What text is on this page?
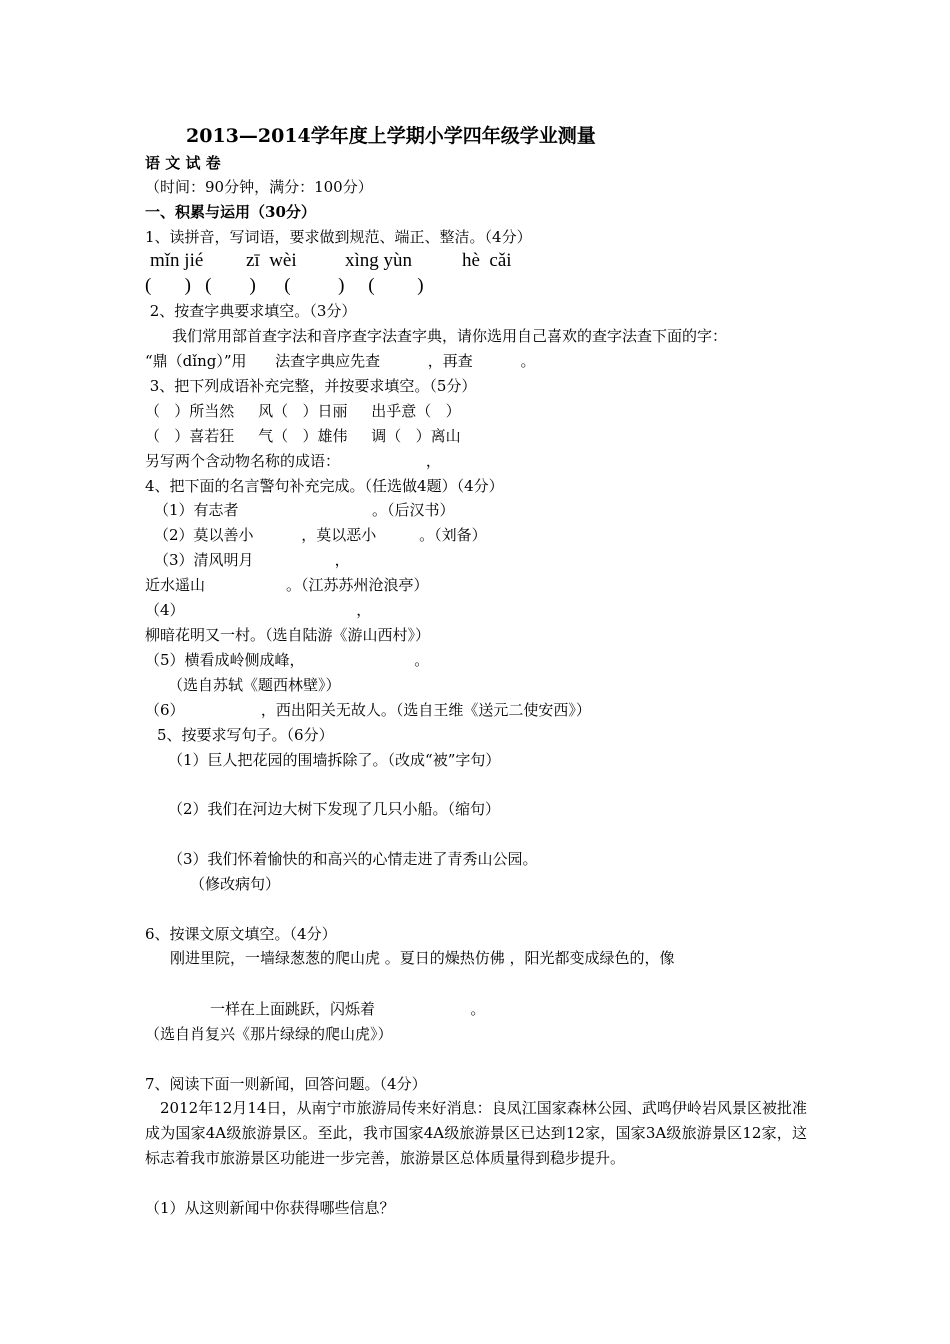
2013—2014学年度上学期小学四年级学业测量
语 文 试 卷
（时间：90分钟，满分：100分）
一、积累与运用（30分）
1、读拼音，写词语，要求做到规范、端正、整洁。（4分）
mǐn jié zī  wèi	xìng yùn	hè  cǎi
(       )   (        )      (          )     (         )
2、按查字典要求填空。（3分）
我们常用部首查字法和音序查字法查字典，请你选用自己喜欢的查字法查下面的字：
“鼎（dǐng）”用      法查字典应先查          ，再查          。
3、把下列成语补充完整，并按要求填空。（5分）
（   ）所当然     风（   ）日丽     出乎意（   ）
（   ）喜若狂     气（   ）雄伟     调（   ）离山
另写两个含动物名称的成语：                  ，
4、把下面的名言警句补充完成。（任选做4题）（4分）
（1）有志者                            。（后汉书）
（2）莫以善小          ，莫以恶小         。（刘备）
（3）清风明月                 ，
近水遥山                 。（江苏苏州沧浪亭）
（4）                                    ，
柳暗花明又一村。（选自陆游《游山西村》）
（5）横看成岭侧成峰，                       。
（选自苏轼《题西林壁》）
（6）                ，西出阳关无故人。（选自王维《送元二使安西》）
5、按要求写句子。（6分）
（1）巨人把花园的围墙拆除了。（改成“被”字句）
（2）我们在河边大树下发现了几只小船。（缩句）
（3）我们怀着愉快的和高兴的心情走进了青秀山公园。
（修改病句）
6、按课文原文填空。（4分）
刚进里院，一墙绿葱葱的爬山虎 。夏日的燥热仿佛 ，阳光都变成绿色的，像
一样在上面跳跃，闪烁着                    。
（选自肖复兴《那片绿绿的爬山虎》）
7、阅读下面一则新闻，回答问题。（4分）
2012年12月14日，从南宁市旅游局传来好消息：良凤江国家森林公园、武鸣伊岭岩风景区被批准成为国家4A级旅游景区。至此，我市国家4A级旅游景区已达到12家，国家3A级旅游景区12家，这标志着我市旅游景区功能进一步完善，旅游景区总体质量得到稳步提升。
（1）从这则新闻中你获得哪些信息？
